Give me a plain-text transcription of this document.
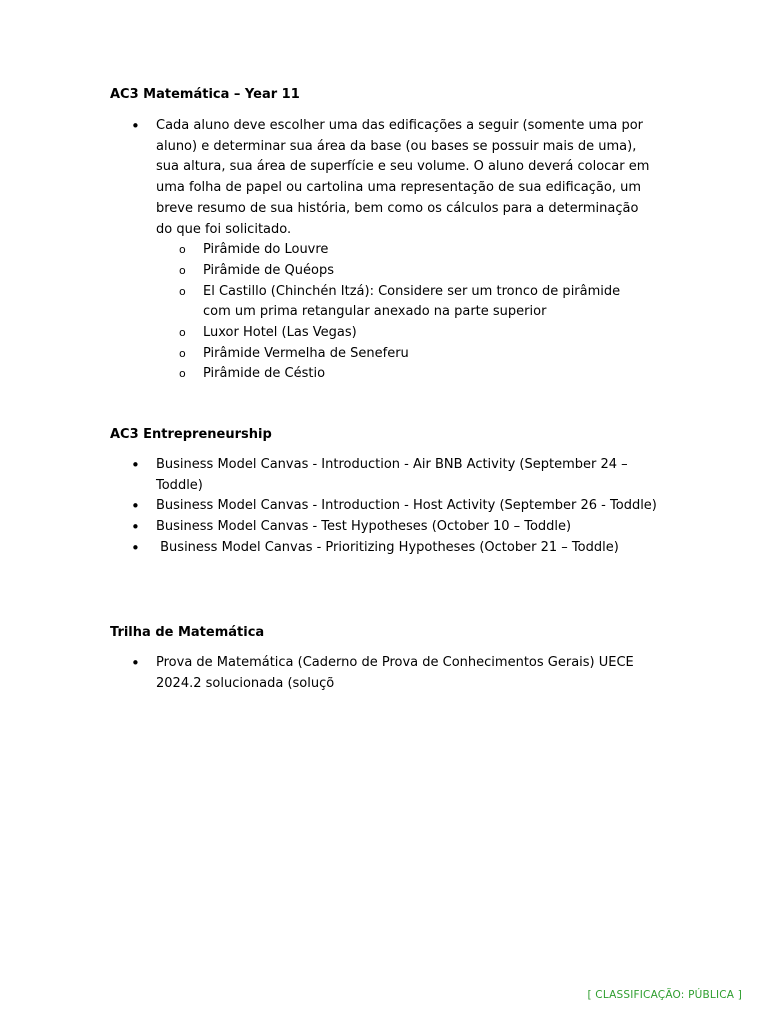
AC3 Matemática – Year 11
• Cada aluno deve escolher uma das edificações a seguir (somente uma por aluno) e determinar sua área da base (ou bases se possuir mais de uma), sua altura, sua área de superfície e seu volume. O aluno deverá colocar em uma folha de papel ou cartolina uma representação de sua edificação, um breve resumo de sua história, bem como os cálculos para a determinação do que foi solicitado.
o Pirâmide do Louvre
o Pirâmide de Quéops
o El Castillo (Chinchén Itzá): Considere ser um tronco de pirâmide com um prima retangular anexado na parte superior
o Luxor Hotel (Las Vegas)
o Pirâmide Vermelha de Seneferu
o Pirâmide de Céstio
AC3 Entrepreneurship
• Business Model Canvas - Introduction - Air BNB Activity (September 24 – Toddle)
• Business Model Canvas - Introduction - Host Activity (September 26 - Toddle)
• Business Model Canvas - Test Hypotheses (October 10 – Toddle)
• Business Model Canvas - Prioritizing Hypotheses (October 21 – Toddle)
Trilha de Matemática
• Prova de Matemática (Caderno de Prova de Conhecimentos Gerais) UECE 2024.2 solucionada (soluçõ
[ CLASSIFICAÇÃO: PÚBLICA ]
